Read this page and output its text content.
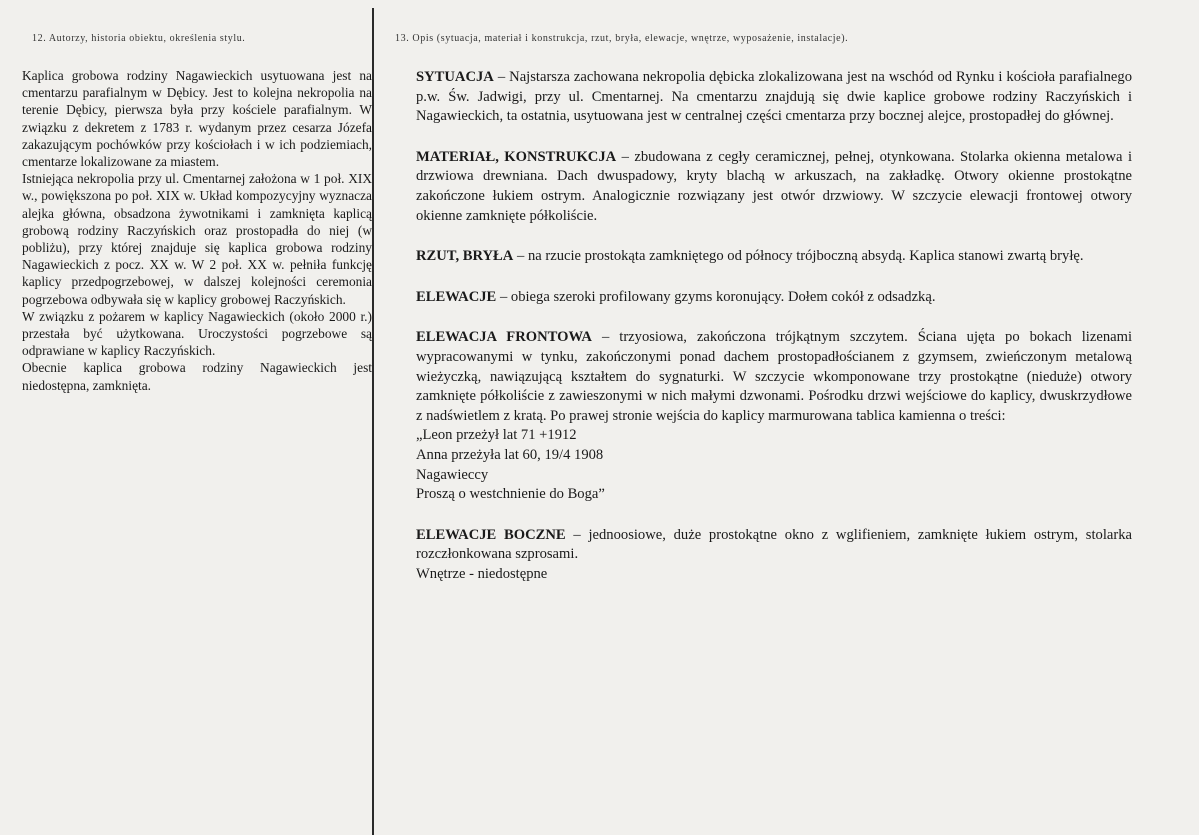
12. Autorzy, historia obiektu, określenia stylu.

Kaplica grobowa rodziny Nagawieckich usytuowana jest na cmentarzu parafialnym w Dębicy. Jest to kolejna nekropolia na terenie Dębicy, pierwsza była przy kościele parafialnym. W związku z dekretem z 1783 r. wydanym przez cesarza Józefa zakazującym pochówków przy kościołach i w ich podziemiach, cmentarze lokalizowane za miastem.

Istniejąca nekropolia przy ul. Cmentarnej założona w 1 poł. XIX w., powiększona po poł. XIX w. Układ kompozycyjny wyznacza alejka główna, obsadzona żywotnikami i zamknięta kaplicą grobową rodziny Raczyńskich oraz prostopadła do niej (w pobliżu), przy której znajduje się kaplica grobowa rodziny Nagawieckich z pocz. XX w. W 2 poł. XX w. pełniła funkcję kaplicy przedpogrzebowej, w dalszej kolejności ceremonia pogrzebowa odbywała się w kaplicy grobowej Raczyńskich.

W związku z pożarem w kaplicy Nagawieckich (około 2000 r.) przestała być użytkowana. Uroczystości pogrzebowe są odprawiane w kaplicy Raczyńskich.

Obecnie kaplica grobowa rodziny Nagawieckich jest niedostępna, zamknięta.

13. Opis (sytuacja, materiał i konstrukcja, rzut, bryła, elewacje, wnętrze, wyposażenie, instalacje).
SYTUACJA – Najstarsza zachowana nekropolia dębicka zlokalizowana jest na wschód od Rynku i kościoła parafialnego p.w. Św. Jadwigi, przy ul. Cmentarnej. Na cmentarzu znajdują się dwie kaplice grobowe rodziny Raczyńskich i Nagawieckich, ta ostatnia, usytuowana jest w centralnej części cmentarza przy bocznej alejce, prostopadłej do głównej.
MATERIAŁ, KONSTRUKCJA – zbudowana z cegły ceramicznej, pełnej, otynkowana. Stolarka okienna metalowa i drzwiowa drewniana. Dach dwuspadowy, kryty blachą w arkuszach, na zakładkę. Otwory okienne prostokątne zakończone łukiem ostrym. Analogicznie rozwiązany jest otwór drzwiowy. W szczycie elewacji frontowej otwory okienne zamknięte półkoliście.
RZUT, BRYŁA – na rzucie prostokąta zamkniętego od północy trójboczną absydą. Kaplica stanowi zwartą bryłę.
ELEWACJE – obiega szeroki profilowany gzyms koronujący. Dołem cokół z odsadzką.
ELEWACJA FRONTOWA – trzyosiowa, zakończona trójkątnym szczytem. Ściana ujęta po bokach lizenami wypracowanymi w tynku, zakończonymi ponad dachem prostopadłościanem z gzymsem, zwieńczonym metalową wieżyczką, nawiązującą kształtem do sygnaturki. W szczycie wkomponowane trzy prostokątne (nieduże) otwory zamknięte półkoliście z zawieszonymi w nich małymi dzwonami. Pośrodku drzwi wejściowe do kaplicy, dwuskrzydłowe z nadświetlem z kratą. Po prawej stronie wejścia do kaplicy marmurowana tablica kamienna o treści:
„Leon przeżył lat 71 +1912
Anna przeżyła lat 60, 19/4 1908
Nagawieccy
Proszą o westchnienie do Boga”
ELEWACJE BOCZNE – jednoosiowe, duże prostokątne okno z wglifieniem, zamknięte łukiem ostrym, stolarka rozczłonkowana szprosami.
Wnętrze - niedostępne
